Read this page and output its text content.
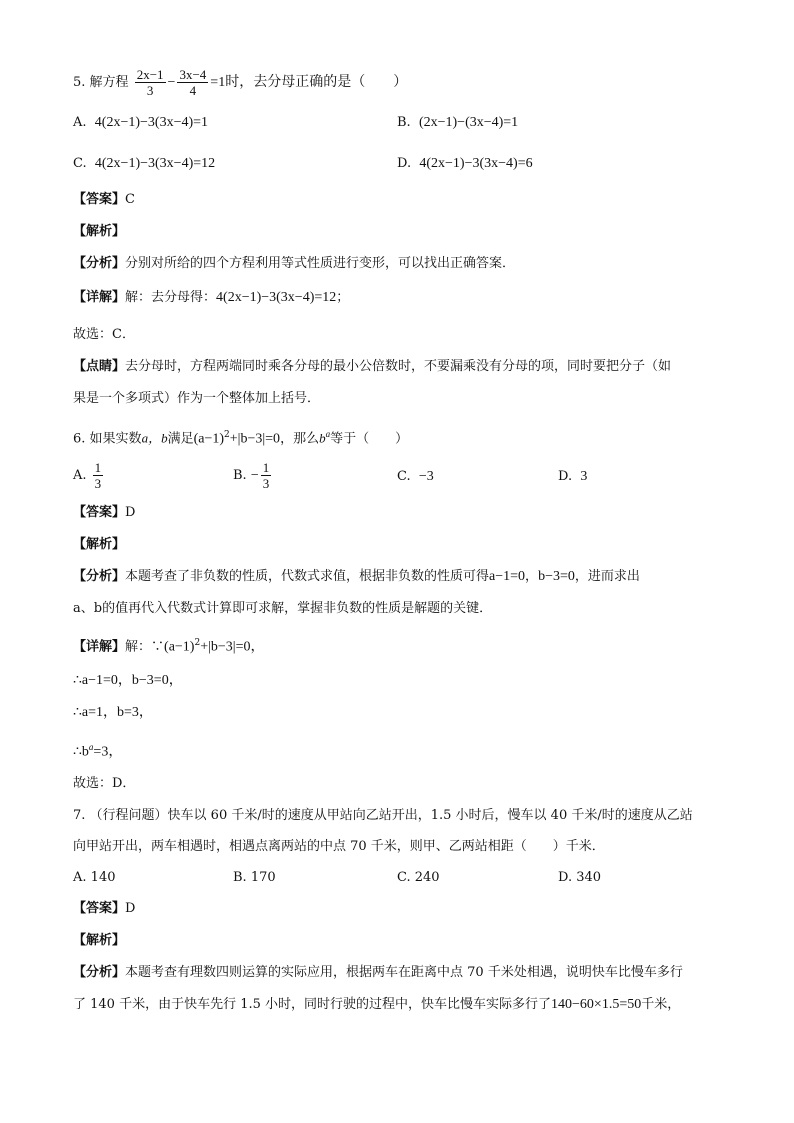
5. 解方程 $\frac{2x-1}{3} - \frac{3x-4}{4} =1$时，去分母正确的是（　　）
A. 4(2x−1)−3(3x−4)=1	B. (2x−1)−(3x−4)=1
C. 4(2x−1)−3(3x−4)=12	D. 4(2x−1)−3(3x−4)=6
【答案】C
【解析】
【分析】分别对所给的四个方程利用等式性质进行变形，可以找出正确答案．
【详解】解：去分母得：4(2x−1)−3(3x−4)=12；
故选：C．
【点睛】去分母时，方程两端同时乘各分母的最小公倍数时，不要漏乘没有分母的项，同时要把分子（如
果是一个多项式）作为一个整体加上括号．
6. 如果实数a，b满足$(a-1)^2+|b-3|=0$，那么$b^a$等于（　　）
A. $\frac{1}{3}$	B. − $\frac{1}{3}$	C. −3	D. 3
【答案】D
【解析】
【分析】本题考查了非负数的性质，代数式求值，根据非负数的性质可得a−1=0，b−3=0，进而求出
a、b的值再代入代数式计算即可求解，掌握非负数的性质是解题的关键．
【详解】解：$\because(a-1)^2+|b-3|=0$，
∴a−1=0，b−3=0，
∴a=1，b=3，
$\therefore b^a=3$，
故选：D．
7. （行程问题）快车以 60 千米/时的速度从甲站向乙站开出，1.5 小时后，慢车以 40 千米/时的速度从乙站
向甲站开出，两车相遇时，相遇点离两站的中点 70 千米，则甲、乙两站相距（　　）千米．
A. 140	B. 170	C. 240	D. 340
【答案】D
【解析】
【分析】本题考查有理数四则运算的实际应用，根据两车在距离中点 70 千米处相遇，说明快车比慢车多行
了 140 千米，由于快车先行 1.5 小时，同时行驶的过程中，快车比慢车实际多行了140−60×1.5=50千米，
